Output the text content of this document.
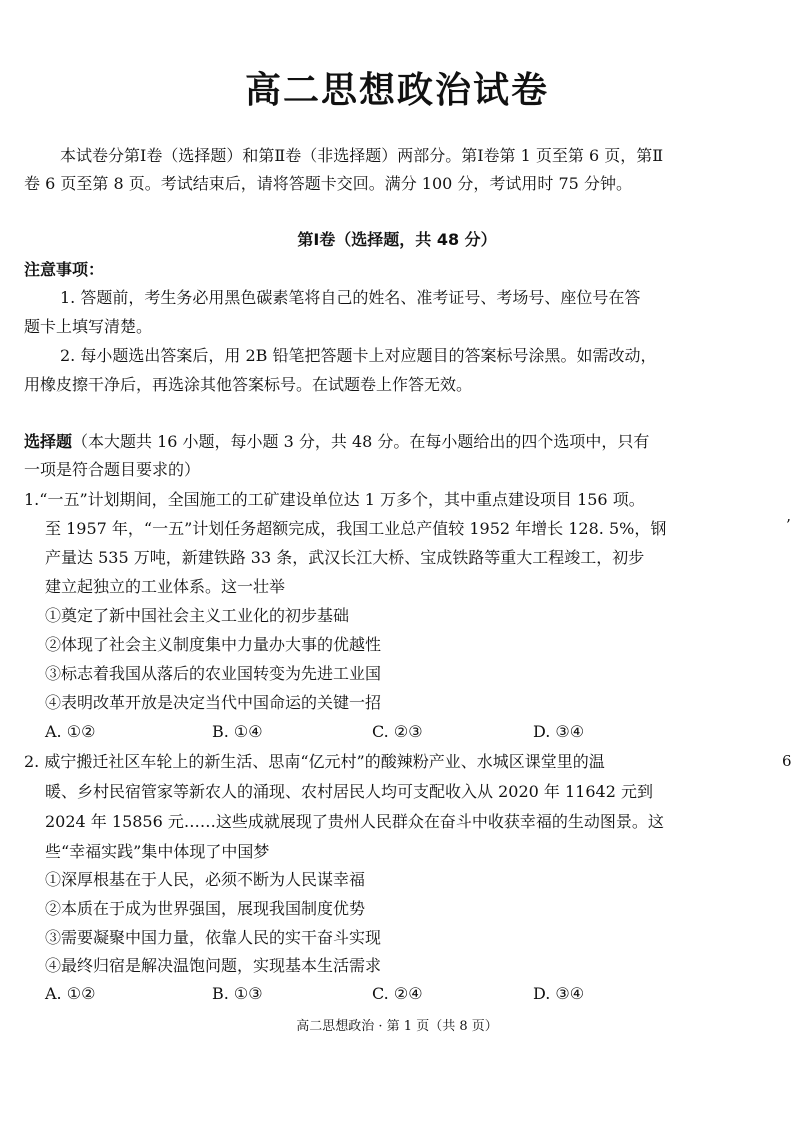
高二思想政治试卷
本试卷分第Ⅰ卷（选择题）和第Ⅱ卷（非选择题）两部分。第Ⅰ卷第 1 页至第 6 页，第Ⅱ
卷 6 页至第 8 页。考试结束后，请将答题卡交回。满分 100 分，考试用时 75 分钟。
第Ⅰ卷（选择题，共 48 分）
注意事项：
1. 答题前，考生务必用黑色碳素笔将自己的姓名、准考证号、考场号、座位号在答
题卡上填写清楚。
2. 每小题选出答案后，用 2B 铅笔把答题卡上对应题目的答案标号涂黑。如需改动，
用橡皮擦干净后，再选涂其他答案标号。在试题卷上作答无效。
选择题（本大题共 16 小题，每小题 3 分，共 48 分。在每小题给出的四个选项中，只有
一项是符合题目要求的）
1.“一五”计划期间，全国施工的工矿建设单位达 1 万多个，其中重点建设项目 156 项。
至 1957 年，“一五”计划任务超额完成，我国工业总产值较 1952 年增长 128. 5%，钢
产量达 535 万吨，新建铁路 33 条，武汉长江大桥、宝成铁路等重大工程竣工，初步
建立起独立的工业体系。这一壮举
①奠定了新中国社会主义工业化的初步基础
②体现了社会主义制度集中力量办大事的优越性
③标志着我国从落后的农业国转变为先进工业国
④表明改革开放是决定当代中国命运的关键一招
A. ①②	B. ①④	C. ②③	D. ③④
2. 威宁搬迁社区车轮上的新生活、思南“亿元村”的酸辣粉产业、水城区课堂里的温
暖、乡村民宿管家等新农人的涌现、农村居民人均可支配收入从 2020 年 11642 元到
2024 年 15856 元……这些成就展现了贵州人民群众在奋斗中收获幸福的生动图景。这
些“幸福实践”集中体现了中国梦
①深厚根基在于人民，必须不断为人民谋幸福
②本质在于成为世界强国，展现我国制度优势
③需要凝聚中国力量，依靠人民的实干奋斗实现
④最终归宿是解决温饱问题，实现基本生活需求
A. ①②	B. ①③	C. ②④	D. ③④
高二思想政治 · 第 1 页（共 8 页）
’
6
